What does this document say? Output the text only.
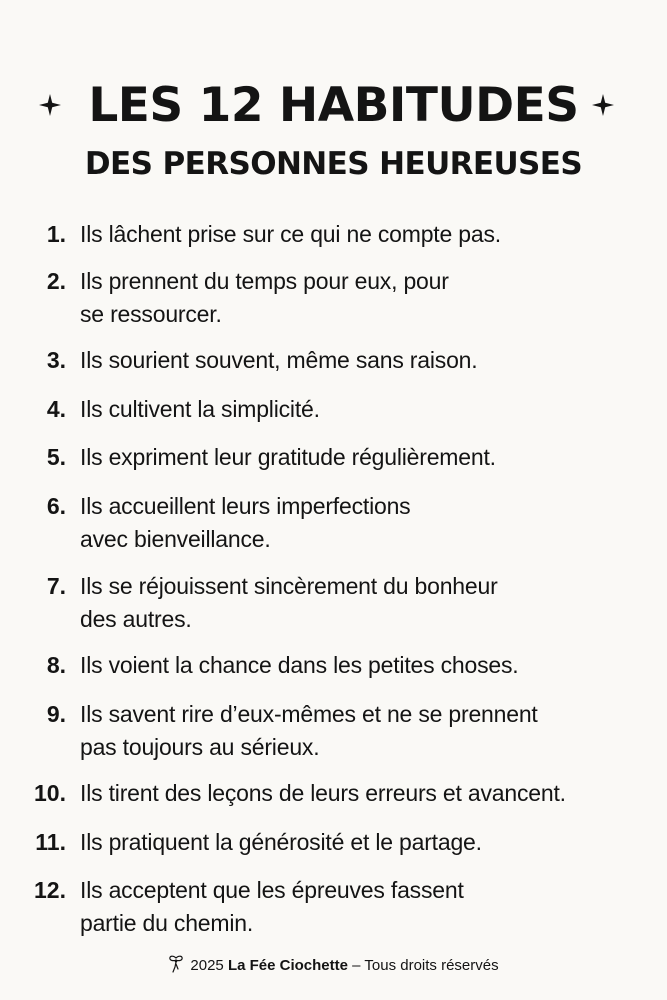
LES 12 HABITUDES
DES PERSONNES HEUREUSES
1. Ils lâchent prise sur ce qui ne compte pas.
2. Ils prennent du temps pour eux, pour
se ressourcer.
3. Ils sourient souvent, même sans raison.
4. Ils cultivent la simplicité.
5. Ils expriment leur gratitude régulièrement.
6. Ils accueillent leurs imperfections
avec bienveillance.
7. Ils se réjouissent sincèrement du bonheur
des autres.
8. Ils voient la chance dans les petites choses.
9. Ils savent rire d’eux-mêmes et ne se prennent
pas toujours au sérieux.
10. Ils tirent des leçons de leurs erreurs et avancent.
11. Ils pratiquent la générosité et le partage.
12. Ils acceptent que les épreuves fassent
partie du chemin.
2025 La Fée Ciochette – Tous droits réservés
